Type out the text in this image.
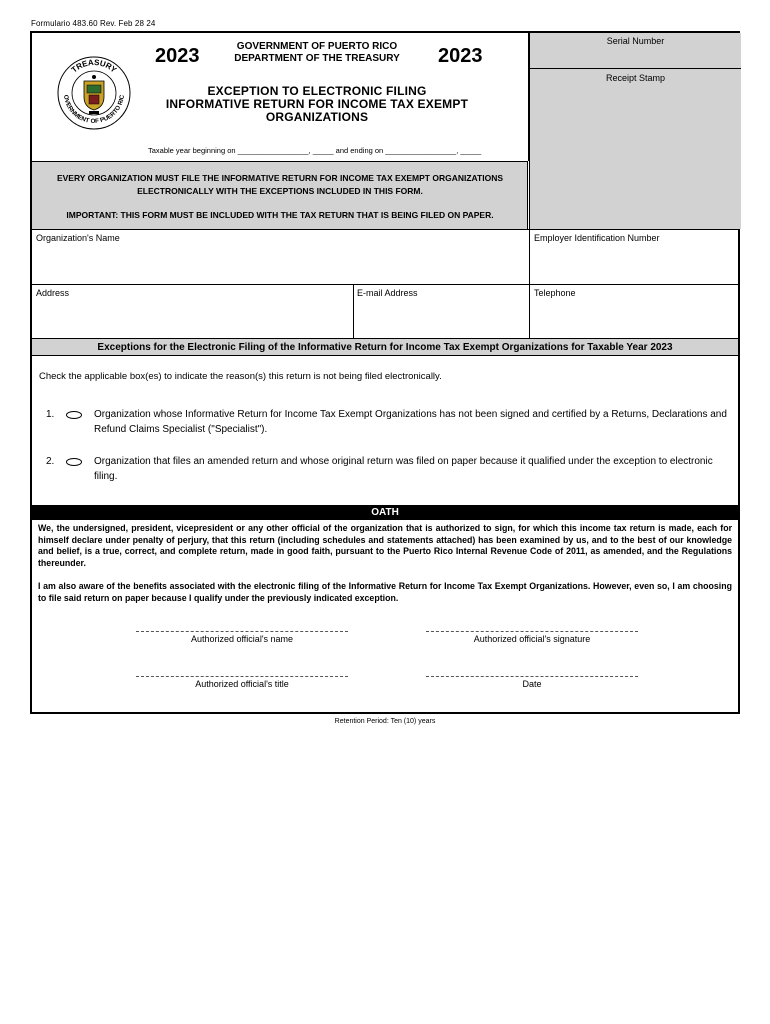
Formulario 483.60 Rev. Feb 28 24
TREASURY
OVERNMENT OF PUERTO RIC
2023	2023
GOVERNMENT OF PUERTO RICO
DEPARTMENT OF THE TREASURY
EXCEPTION TO ELECTRONIC FILING
INFORMATIVE RETURN FOR INCOME TAX EXEMPT
ORGANIZATIONS
Taxable year beginning on _________________, _____ and ending on _________________, _____
Serial Number
Receipt Stamp
EVERY ORGANIZATION MUST FILE THE INFORMATIVE RETURN FOR INCOME TAX EXEMPT ORGANIZATIONS
ELECTRONICALLY WITH THE EXCEPTIONS INCLUDED IN THIS FORM.
IMPORTANT: THIS FORM MUST BE INCLUDED WITH THE TAX RETURN THAT IS BEING FILED ON PAPER.
Organization's Name	Employer Identification Number
Address	E-mail Address	Telephone
Exceptions for the Electronic Filing of the Informative Return for Income Tax Exempt Organizations for Taxable Year 2023
Check the applicable box(es) to indicate the reason(s) this return is not being filed electronically.
1.	Organization whose Informative Return for Income Tax Exempt Organizations has not been signed and certified by a Returns, Declarations and
Refund Claims Specialist ("Specialist").
2.	Organization that files an amended return and whose original return was filed on paper because it qualified under the exception to electronic
filing.
OATH
We, the undersigned, president, vicepresident or any other official of the organization that is authorized to sign, for which this income tax return is made, each for himself declare under penalty of perjury, that this return (including schedules and statements attached) has been examined by us, and to the best of our knowledge and belief, is a true, correct, and complete return, made in good faith, pursuant to the Puerto Rico Internal Revenue Code of 2011, as amended, and the Regulations thereunder.
I am also aware of the benefits associated with the electronic filing of the Informative Return for Income Tax Exempt Organizations. However, even so, I am choosing to file said return on paper because I qualify under the previously indicated exception.
Authorized official's name	Authorized official's signature
Authorized official's title	Date
Retention Period: Ten (10) years
